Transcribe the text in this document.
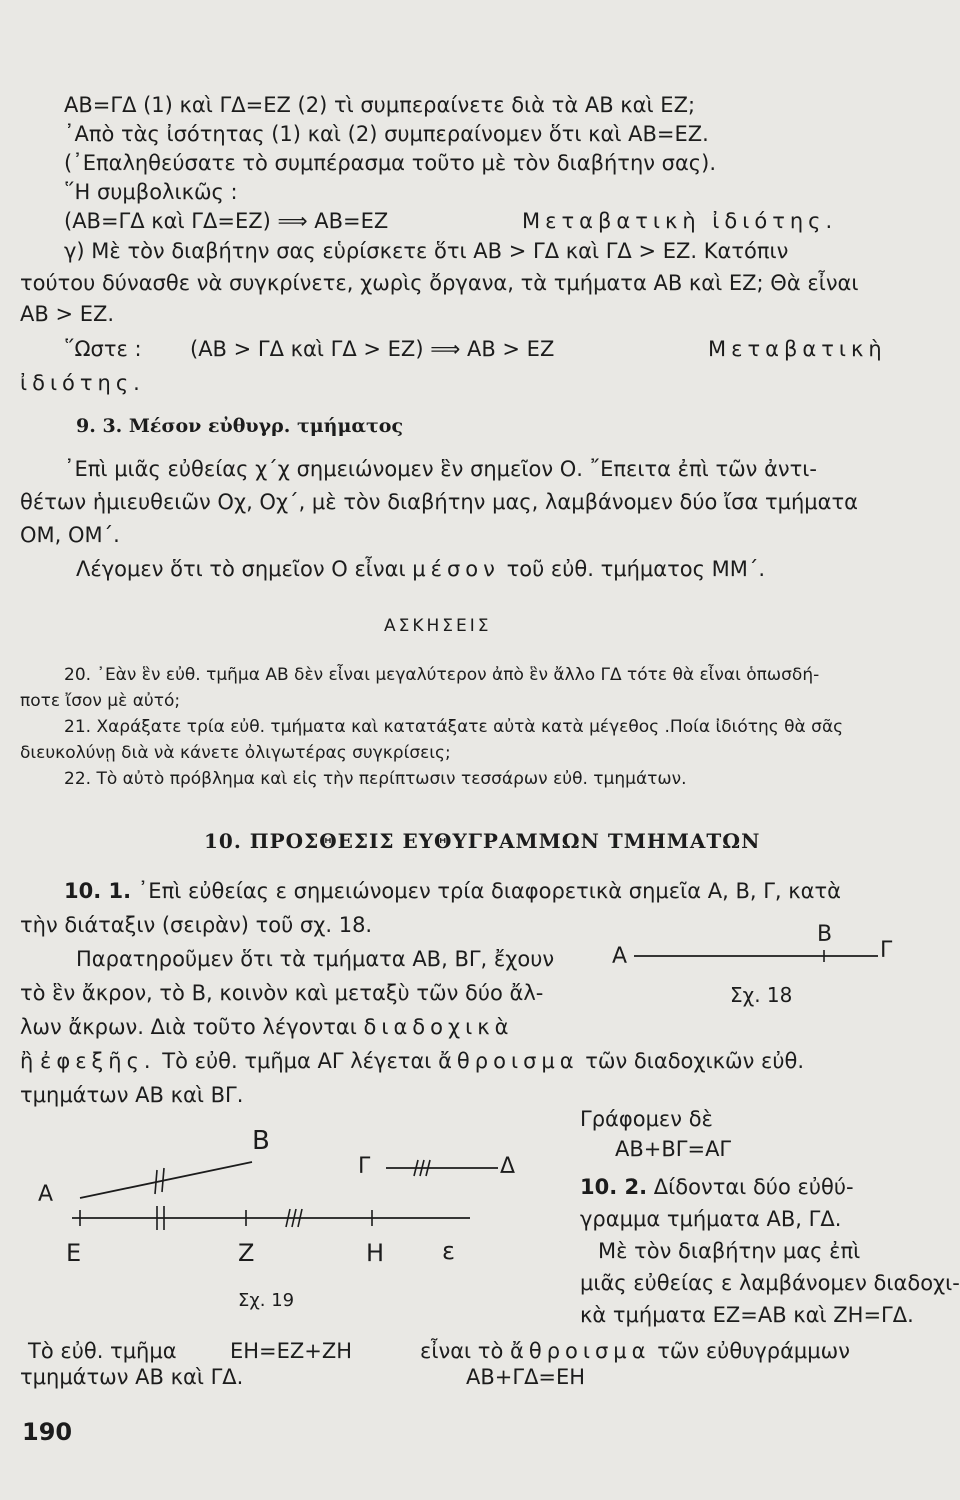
ΑΒ=ΓΔ (1) καὶ ΓΔ=ΕΖ (2) τὶ συμπεραίνετε διὰ τὰ ΑΒ καὶ ΕΖ;
᾿Απὸ τὰς ἰσότητας (1) καὶ (2) συμπεραίνομεν ὅτι καὶ ΑΒ=ΕΖ.
(᾿Επαληθεύσατε τὸ συμπέρασμα τοῦτο μὲ τὸν διαβήτην σας).
῞Η συμβολικῶς :
(ΑΒ=ΓΔ καὶ ΓΔ=ΕΖ) ⟹ ΑΒ=ΕΖ	Μεταβατικὴ ἰδιότης.
γ) Μὲ τὸν διαβήτην σας εὑρίσκετε ὅτι ΑΒ > ΓΔ καὶ ΓΔ > ΕΖ. Κατόπιν
τούτου δύνασθε νὰ συγκρίνετε, χωρὶς ὄργανα, τὰ τμήματα ΑΒ καὶ ΕΖ; Θὰ εἶναι
ΑΒ > ΕΖ.
῞Ωστε : (ΑΒ > ΓΔ καὶ ΓΔ > ΕΖ) ⟹ ΑΒ > ΕΖ	Μεταβατικὴ
ἰδιότης.
9. 3. Μέσον εὐθυγρ. τμήματος
᾿Επὶ μιᾶς εὐθείας χ΄χ σημειώνομεν ἓν σημεῖον Ο. ῎Επειτα ἐπὶ τῶν ἀντι-
θέτων ἡμιευθειῶν Οχ, Οχ΄, μὲ τὸν διαβήτην μας, λαμβάνομεν δύο ἴσα τμήματα
ΟΜ, ΟΜ΄.
Λέγομεν ὅτι τὸ σημεῖον Ο εἶναι μέσον τοῦ εὐθ. τμήματος ΜΜ΄.
ΑΣΚΗΣΕΙΣ
20. ᾿Εὰν ἓν εὐθ. τμῆμα ΑΒ δὲν εἶναι μεγαλύτερον ἀπὸ ἓν ἄλλο ΓΔ τότε θὰ εἶναι ὁπωσδή-
ποτε ἴσον μὲ αὐτό;
21. Χαράξατε τρία εὐθ. τμήματα καὶ κατατάξατε αὐτὰ κατὰ μέγεθος .Ποία ἰδιότης θὰ σᾶς
διευκολύνῃ διὰ νὰ κάνετε ὀλιγωτέρας συγκρίσεις;
22. Τὸ αὐτὸ πρόβλημα καὶ εἰς τὴν περίπτωσιν τεσσάρων εὐθ. τμημάτων.
10. ΠΡΟΣΘΕΣΙΣ ΕΥΘΥΓΡΑΜΜΩΝ ΤΜΗΜΑΤΩΝ
10. 1. ᾿Επὶ εὐθείας ε σημειώνομεν τρία διαφορετικὰ σημεῖα Α, Β, Γ, κατὰ
τὴν διάταξιν (σειρὰν) τοῦ σχ. 18.
Παρατηροῦμεν ὅτι τὰ τμήματα ΑΒ, ΒΓ, ἔχουν
τὸ ἓν ἄκρον, τὸ Β, κοινὸν καὶ μεταξὺ τῶν δύο ἄλ-
λων ἄκρων. Διὰ τοῦτο λέγονται διαδοχικὰ
ἢ ἐφεξῆς. Τὸ εὐθ. τμῆμα ΑΓ λέγεται ἄθροισμα τῶν διαδοχικῶν εὐθ.
τμημάτων ΑΒ καὶ ΒΓ.
Γράφομεν δὲ
ΑΒ+ΒΓ=ΑΓ
10. 2. Δίδονται δύο εὐθύ-
γραμμα τμήματα ΑΒ, ΓΔ.
Μὲ τὸν διαβήτην μας ἐπὶ
μιᾶς εὐθείας ε λαμβάνομεν διαδοχι-
κὰ τμήματα ΕΖ=ΑΒ καὶ ΖΗ=ΓΔ.
Τὸ εὐθ. τμῆμα	ΕΗ=ΕΖ+ΖΗ	εἶναι τὸ ἄθροισμα τῶν εὐθυγράμμων
τμημάτων ΑΒ καὶ ΓΔ.	ΑΒ+ΓΔ=ΕΗ
Α
Β
Γ
Σχ. 18
Α
Β
Γ	Δ
Ε	Ζ	Η ε
Σχ. 19
190
